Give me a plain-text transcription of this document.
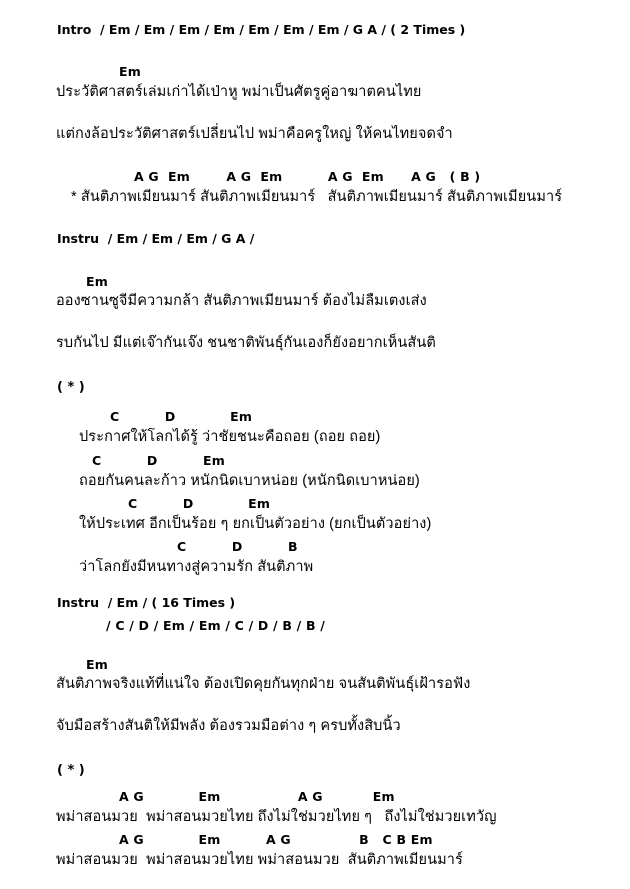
Intro / Em / Em / Em / Em / Em / Em / Em / G A / ( 2 Times )
Em
ประวัติศาสตร์เล่มเก่าได้เป่าหู พม่าเป็นศัตรูคู่อาฆาตคนไทย
แต่กงล้อประวัติศาสตร์เปลี่ยนไป พม่าคือครูใหญ่ ให้คนไทยจดจำ
A G  Em        A G  Em          A G  Em      A G   ( B )
* สันติภาพเมียนมาร์ สันติภาพเมียนมาร์   สันติภาพเมียนมาร์ สันติภาพเมียนมาร์
Instru / Em / Em / Em / G A /
Em
อองซานซูจีมีความกล้า สันติภาพเมียนมาร์ ต้องไม่ลืมเตงเส่ง
รบกันไป มีแต่เจ๊ากันเจ๊ง ชนชาติพันธุ์กันเองก็ยังอยากเห็นสันติ
( * )
C          D            Em
ประกาศให้โลกได้รู้ ว่าชัยชนะคือถอย (ถอย ถอย)
C          D          Em
ถอยกันคนละก้าว หนักนิดเบาหน่อย (หนักนิดเบาหน่อย)
C          D            Em
ให้ประเทศ อีกเป็นร้อย ๆ ยกเป็นตัวอย่าง (ยกเป็นตัวอย่าง)
C          D          B
ว่าโลกยังมีหนทางสู่ความรัก สันติภาพ
Instru / Em / ( 16 Times )
/ C / D / Em / Em / C / D / B / B /
Em
สันติภาพจริงแท้ที่แน่ใจ ต้องเปิดคุยกันทุกฝ่าย จนสันติพันธุ์เฝ้ารอฟัง
จับมือสร้างสันติให้มีพลัง ต้องรวมมือต่าง ๆ ครบทั้งสิบนิ้ว
( * )
A G            Em                 A G           Em
พม่าสอนมวย  พม่าสอนมวยไทย ถึงไม่ใช่มวยไทย ๆ   ถึงไม่ใช่มวยเทวัญ
A G            Em          A G               B   C B Em
พม่าสอนมวย  พม่าสอนมวยไทย พม่าสอนมวย  สันติภาพเมียนมาร์
